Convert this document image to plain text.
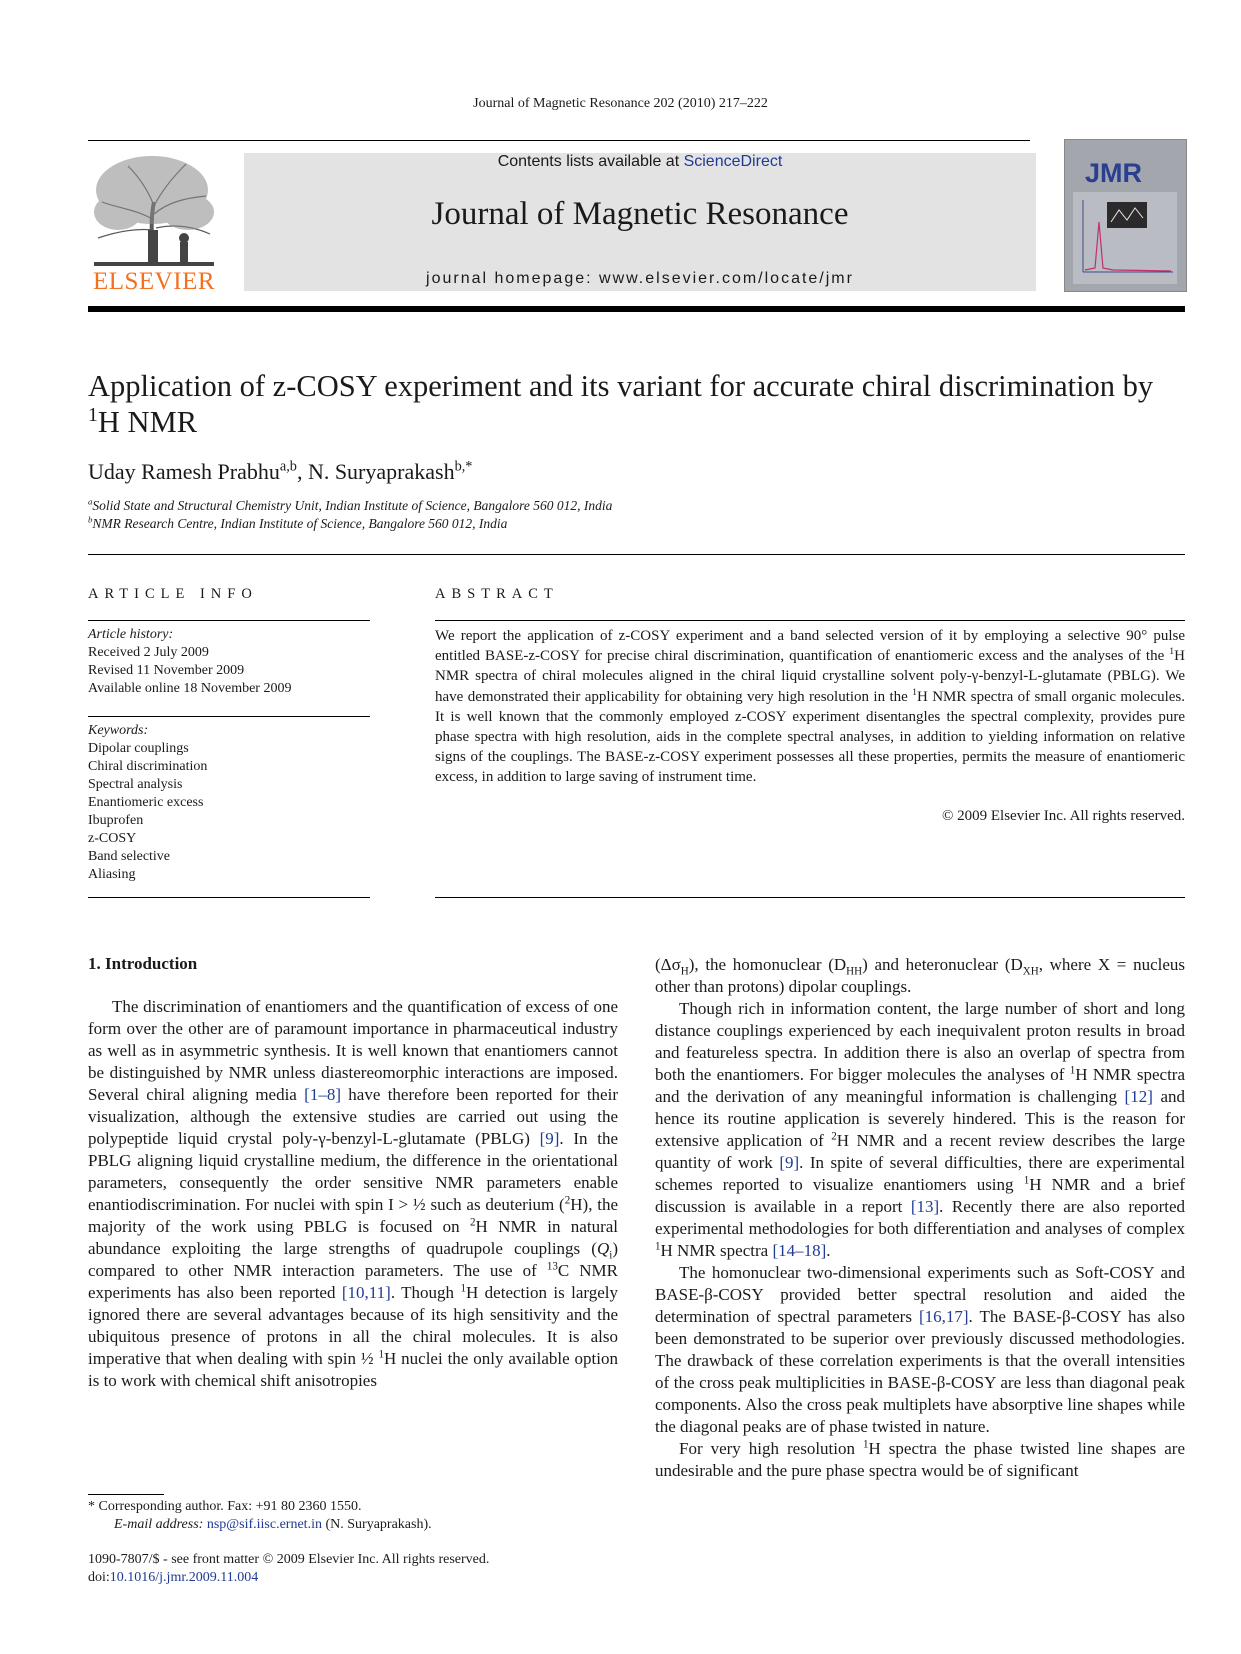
Journal of Magnetic Resonance 202 (2010) 217–222
ELSEVIER
Contents lists available at ScienceDirect
Journal of Magnetic Resonance
journal homepage: www.elsevier.com/locate/jmr
JMR
Application of z-COSY experiment and its variant for accurate chiral discrimination by $^1$H NMR
Uday Ramesh Prabhu$^{a,b}$, N. Suryaprakash$^{b,*}$
$^a$Solid State and Structural Chemistry Unit, Indian Institute of Science, Bangalore 560 012, India
$^b$NMR Research Centre, Indian Institute of Science, Bangalore 560 012, India
ARTICLE INFO
Article history:
Received 2 July 2009
Revised 11 November 2009
Available online 18 November 2009
Keywords:
Dipolar couplings
Chiral discrimination
Spectral analysis
Enantiomeric excess
Ibuprofen
z-COSY
Band selective
Aliasing
ABSTRACT
We report the application of z-COSY experiment and a band selected version of it by employing a selective 90° pulse entitled BASE-z-COSY for precise chiral discrimination, quantification of enantiomeric excess and the analyses of the $^1$H NMR spectra of chiral molecules aligned in the chiral liquid crystalline solvent poly-γ-benzyl-L-glutamate (PBLG). We have demonstrated their applicability for obtaining very high resolution in the $^1$H NMR spectra of small organic molecules. It is well known that the commonly employed z-COSY experiment disentangles the spectral complexity, provides pure phase spectra with high resolution, aids in the complete spectral analyses, in addition to yielding information on relative signs of the couplings. The BASE-z-COSY experiment possesses all these properties, permits the measure of enantiomeric excess, in addition to large saving of instrument time.
© 2009 Elsevier Inc. All rights reserved.
1. Introduction

The discrimination of enantiomers and the quantification of excess of one form over the other are of paramount importance in pharmaceutical industry as well as in asymmetric synthesis. It is well known that enantiomers cannot be distinguished by NMR unless diastereomorphic interactions are imposed. Several chiral aligning media [1–8] have therefore been reported for their visualization, although the extensive studies are carried out using the polypeptide liquid crystal poly-γ-benzyl-L-glutamate (PBLG) [9]. In the PBLG aligning liquid crystalline medium, the difference in the orientational parameters, consequently the order sensitive NMR parameters enable enantiodiscrimination. For nuclei with spin I > ½ such as deuterium ($^2$H), the majority of the work using PBLG is focused on $^2$H NMR in natural abundance exploiting the large strengths of quadrupole couplings $(Q_i)$ compared to other NMR interaction parameters. The use of $^{13}$C NMR experiments has also been reported [10,11]. Though $^1$H detection is largely ignored there are several advantages because of its high sensitivity and the ubiquitous presence of protons in all the chiral molecules. It is also imperative that when dealing with spin ½ $^1$H nuclei the only available option is to work with chemical shift anisotropies

$(\Delta\sigma_H)$, the homonuclear $(D_{HH})$ and heteronuclear ($D_{XH}$, where X = nucleus other than protons) dipolar couplings.

Though rich in information content, the large number of short and long distance couplings experienced by each inequivalent proton results in broad and featureless spectra. In addition there is also an overlap of spectra from both the enantiomers. For bigger molecules the analyses of $^1$H NMR spectra and the derivation of any meaningful information is challenging [12] and hence its routine application is severely hindered. This is the reason for extensive application of $^2$H NMR and a recent review describes the large quantity of work [9]. In spite of several difficulties, there are experimental schemes reported to visualize enantiomers using $^1$H NMR and a brief discussion is available in a report [13]. Recently there are also reported experimental methodologies for both differentiation and analyses of complex $^1$H NMR spectra [14–18].

The homonuclear two-dimensional experiments such as Soft-COSY and BASE-β-COSY provided better spectral resolution and aided the determination of spectral parameters [16,17]. The BASE-β-COSY has also been demonstrated to be superior over previously discussed methodologies. The drawback of these correlation experiments is that the overall intensities of the cross peak multiplicities in BASE-β-COSY are less than diagonal peak components. Also the cross peak multiplets have absorptive line shapes while the diagonal peaks are of phase twisted in nature.

For very high resolution $^1$H spectra the phase twisted line shapes are undesirable and the pure phase spectra would be of significant

* Corresponding author. Fax: +91 80 2360 1550.
E-mail address: nsp@sif.iisc.ernet.in (N. Suryaprakash).
1090-7807/$ - see front matter © 2009 Elsevier Inc. All rights reserved.
doi:10.1016/j.jmr.2009.11.004
